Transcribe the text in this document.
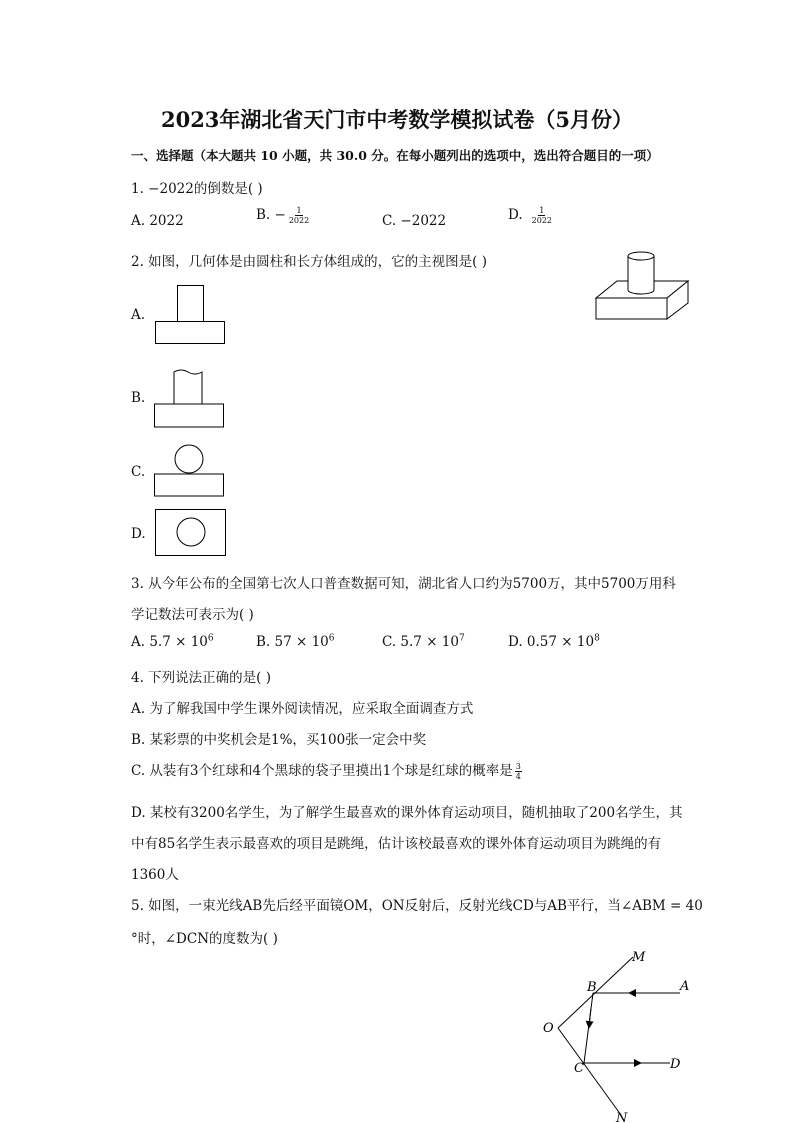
2023年湖北省天门市中考数学模拟试卷（5月份）
一、选择题（本大题共 10 小题，共 30.0 分。在每小题列出的选项中，选出符合题目的一项）
1. −2022的倒数是( )
A. 2022	B. − $\frac{1}{2022}$	C. −2022	D. $\frac{1}{2022}$
2. 如图，几何体是由圆柱和长方体组成的，它的主视图是( )
A.
B.
C.
D.
3. 从今年公布的全国第七次人口普查数据可知，湖北省人口约为5700万，其中5700万用科
学记数法可表示为( )
A. $5.7 \times 10^6$	B. $57 \times 10^6$	C. $5.7 \times 10^7$	D. $0.57 \times 10^8$
4. 下列说法正确的是( )
A. 为了解我国中学生课外阅读情况，应采取全面调查方式
B. 某彩票的中奖机会是1%，买100张一定会中奖
C. 从装有3个红球和4个黑球的袋子里摸出1个球是红球的概率是 $\frac{3}{4}$
D. 某校有3200名学生，为了解学生最喜欢的课外体育运动项目，随机抽取了200名学生，其
中有85名学生表示最喜欢的项目是跳绳，估计该校最喜欢的课外体育运动项目为跳绳的有
1360人
5. 如图，一束光线AB先后经平面镜OM，ON反射后，反射光线CD与AB平行，当∠ABM = 40
°时，∠DCN的度数为( )
M
B	A
O
C	D
N
